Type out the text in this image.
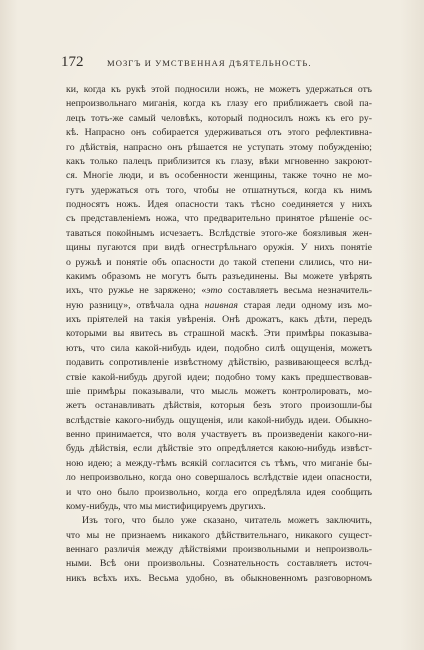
172	МОЗГЪ И УМСТВЕННАЯ ДѢЯТЕЛЬНОСТЬ.
ки, когда къ рукѣ этой подносили ножъ, не можетъ удержаться отъ
непроизвольнаго миганія, когда къ глазу его приближаетъ свой па-
лецъ тотъ-же самый человѣкъ, который подносилъ ножъ къ его ру-
кѣ. Напрасно онъ собирается удерживаться отъ этого рефлективна-
го дѣйствія, напрасно онъ рѣшается не уступать этому побужденію;
какъ только палецъ приблизится къ глазу, вѣки мгновенно закроют-
ся. Многіе люди, и въ особенности женщины, также точно не мо-
гутъ удержаться отъ того, чтобы не отшатнуться, когда къ нимъ
подносятъ ножъ. Идея опасности такъ тѣсно соединяется у нихъ
съ представленіемъ ножа, что предварительно принятое рѣшеніе ос-
таваться покойнымъ исчезаетъ. Вслѣдствіе этого-же боязливыя жен-
щины пугаются при видѣ огнестрѣльнаго оружія. У нихъ понятіе
о ружьѣ и понятіе объ опасности до такой степени слились, что ни-
какимъ образомъ не могутъ быть разъединены. Вы можете увѣрять
ихъ, что ружье не заряжено; «это составляетъ весьма незначитель-
ную разницу», отвѣчала одна наивная старая леди одному изъ мо-
ихъ пріятелей на такія увѣренія. Онѣ дрожатъ, какъ дѣти, передъ
которыми вы явитесь въ страшной маскѣ. Эти примѣры показыва-
ютъ, что сила какой-нибудь идеи, подобно силѣ ощущенія, можетъ
подавить сопротивленіе извѣстному дѣйствію, развивающееся вслѣд-
ствіе какой-нибудь другой идеи; подобно тому какъ предшествовав-
шіе примѣры показывали, что мысль можетъ контролировать, мо-
жетъ останавливать дѣйствія, которыя безъ этого произошли-бы
вслѣдствіе какого-нибудь ощущенія, или какой-нибудь идеи. Обыкно-
венно принимается, что воля участвуетъ въ произведеніи какого-ни-
будь дѣйствія, если дѣйствіе это опредѣляется какою-нибудь извѣст-
ною идею; а между-тѣмъ всякій согласится съ тѣмъ, что миганіе бы-
ло непроизвольно, когда оно совершалось вслѣдствіе идеи опасности,
и что оно было произвольно, когда его опредѣляла идея сообщить
кому-нибудь, что мы мистифицируемъ другихъ.
Изъ того, что было уже сказано, читатель можетъ заключить,
что мы не признаемъ никакого дѣйствительнаго, никакого сущест-
веннаго различія между дѣйствіями произвольными и непроизволь-
ными. Всѣ они произвольны. Сознательность составляетъ источ-
никъ всѣхъ ихъ. Весьма удобно, въ обыкновенномъ разговорномъ
